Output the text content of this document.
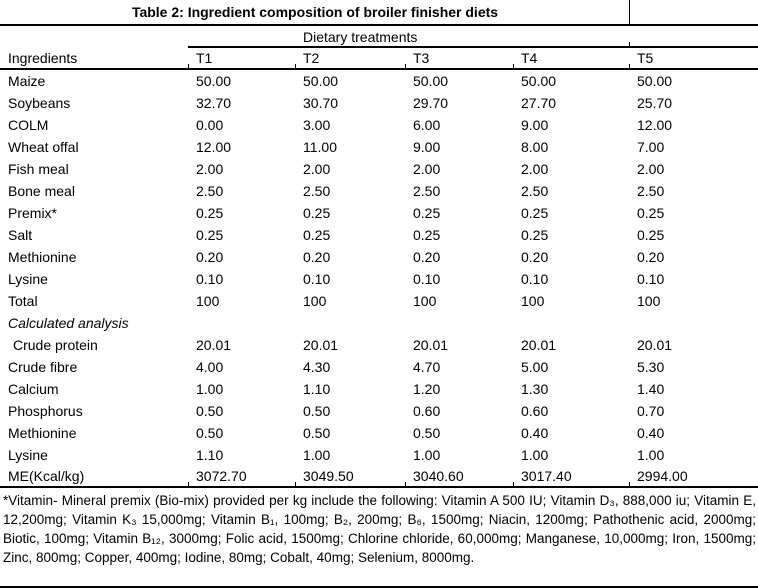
Table 2: Ingredient composition of broiler finisher diets
Dietary treatments
Ingredients	T1	T2	T3	T4	T5
Maize	50.00	50.00	50.00	50.00	50.00
Soybeans	32.70	30.70	29.70	27.70	25.70
COLM	0.00	3.00	6.00	9.00	12.00
Wheat offal	12.00	11.00	9.00	8.00	7.00
Fish meal	2.00	2.00	2.00	2.00	2.00
Bone meal	2.50	2.50	2.50	2.50	2.50
Premix*	0.25	0.25	0.25	0.25	0.25
Salt	0.25	0.25	0.25	0.25	0.25
Methionine	0.20	0.20	0.20	0.20	0.20
Lysine	0.10	0.10	0.10	0.10	0.10
Total	100	100	100	100	100
Calculated analysis
Crude protein	20.01	20.01	20.01	20.01	20.01
Crude fibre	4.00	4.30	4.70	5.00	5.30
Calcium	1.00	1.10	1.20	1.30	1.40
Phosphorus	0.50	0.50	0.60	0.60	0.70
Methionine	0.50	0.50	0.50	0.40	0.40
Lysine	1.10	1.00	1.00	1.00	1.00
ME(Kcal/kg)	3072.70	3049.50	3040.60	3017.40	2994.00
*Vitamin- Mineral premix (Bio-mix) provided per kg include the following: Vitamin A 500 IU; Vitamin D₃, 888,000 iu; Vitamin E, 12,200mg; Vitamin K₃ 15,000mg; Vitamin B₁, 100mg; B₂, 200mg; B₆, 1500mg; Niacin, 1200mg; Pathothenic acid, 2000mg; Biotic, 100mg; Vitamin B₁₂, 3000mg; Folic acid, 1500mg; Chlorine chloride, 60,000mg; Manganese, 10,000mg; Iron, 1500mg; Zinc, 800mg; Copper, 400mg; Iodine, 80mg; Cobalt, 40mg; Selenium, 8000mg.
